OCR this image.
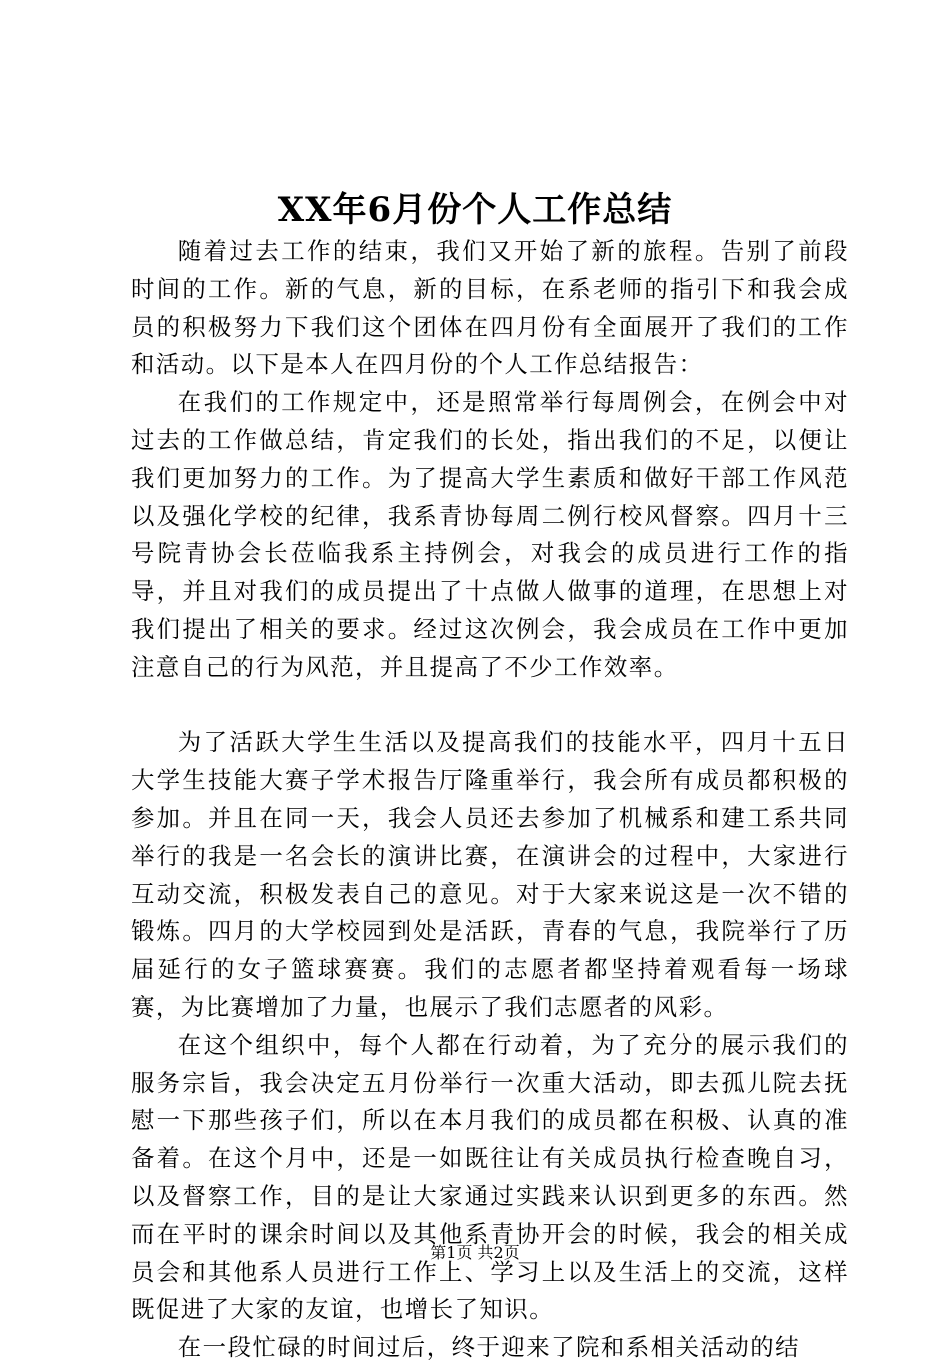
XX年6月份个人工作总结

随着过去工作的结束，我们又开始了新的旅程。告别了前段时间的工作。新的气息，新的目标，在系老师的指引下和我会成员的积极努力下我们这个团体在四月份有全面展开了我们的工作和活动。以下是本人在四月份的个人工作总结报告：

在我们的工作规定中，还是照常举行每周例会，在例会中对过去的工作做总结，肯定我们的长处，指出我们的不足，以便让我们更加努力的工作。为了提高大学生素质和做好干部工作风范以及强化学校的纪律，我系青协每周二例行校风督察。四月十三号院青协会长莅临我系主持例会，对我会的成员进行工作的指导，并且对我们的成员提出了十点做人做事的道理，在思想上对我们提出了相关的要求。经过这次例会，我会成员在工作中更加注意自己的行为风范，并且提高了不少工作效率。

为了活跃大学生生活以及提高我们的技能水平，四月十五日大学生技能大赛子学术报告厅隆重举行，我会所有成员都积极的参加。并且在同一天，我会人员还去参加了机械系和建工系共同举行的我是一名会长的演讲比赛，在演讲会的过程中，大家进行互动交流，积极发表自己的意见。对于大家来说这是一次不错的锻炼。四月的大学校园到处是活跃，青春的气息，我院举行了历届延行的女子篮球赛赛。我们的志愿者都坚持着观看每一场球赛，为比赛增加了力量，也展示了我们志愿者的风彩。

在这个组织中，每个人都在行动着，为了充分的展示我们的服务宗旨，我会决定五月份举行一次重大活动，即去孤儿院去抚慰一下那些孩子们，所以在本月我们的成员都在积极、认真的准备着。在这个月中，还是一如既往让有关成员执行检查晚自习，以及督察工作，目的是让大家通过实践来认识到更多的东西。然而在平时的课余时间以及其他系青协开会的时候，我会的相关成员会和其他系人员进行工作上、学习上以及生活上的交流，这样既促进了大家的友谊，也增长了知识。

在一段忙碌的时间过后，终于迎来了院和系相关活动的结

第1页 共2页
